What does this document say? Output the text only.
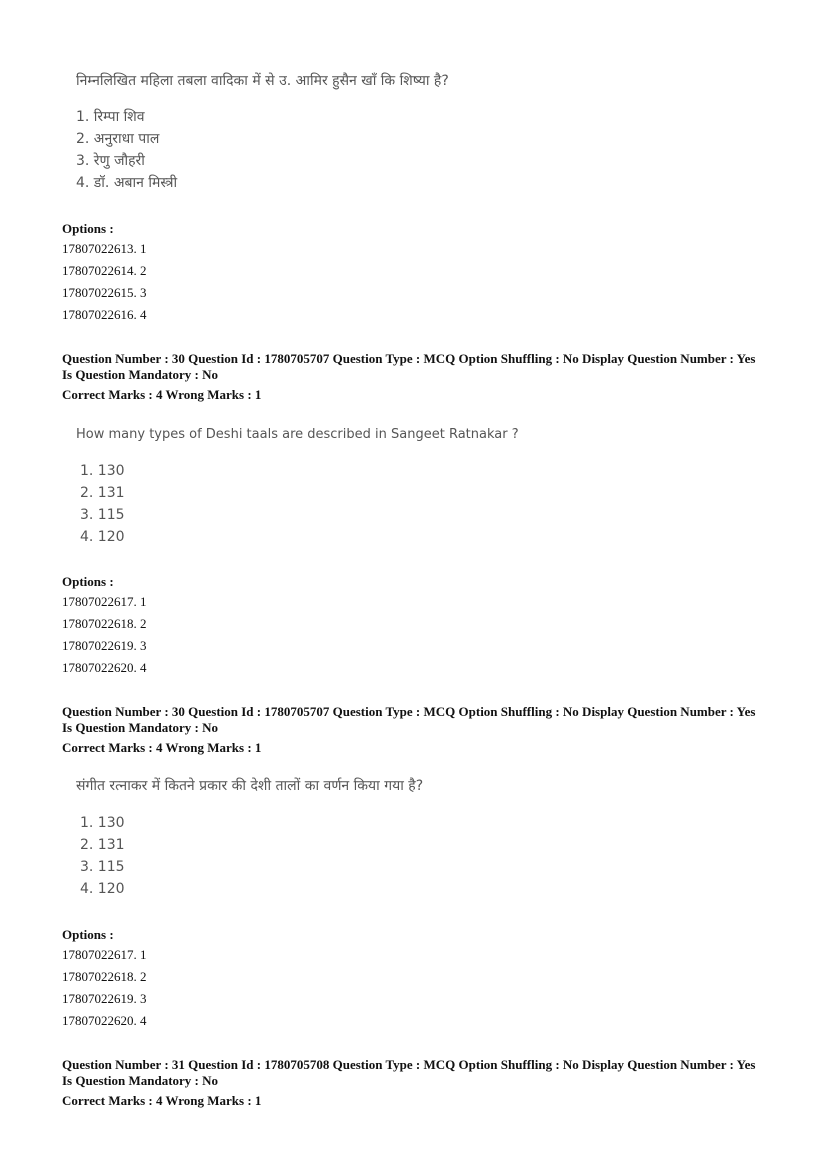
निम्नलिखित महिला तबला वादिका में से उ. आमिर हुसैन खाँ कि शिष्या है?
1. रिम्पा शिव
2. अनुराधा पाल
3. रेणु जौहरी
4. डॉ. अबान मिस्त्री
Options :
17807022613. 1
17807022614. 2
17807022615. 3
17807022616. 4
Question Number : 30 Question Id : 1780705707 Question Type : MCQ Option Shuffling : No Display Question Number : Yes Is Question Mandatory : No
Correct Marks : 4 Wrong Marks : 1
How many types of Deshi taals are described in Sangeet Ratnakar ?
1. 130
2. 131
3. 115
4. 120
Options :
17807022617. 1
17807022618. 2
17807022619. 3
17807022620. 4
Question Number : 30 Question Id : 1780705707 Question Type : MCQ Option Shuffling : No Display Question Number : Yes Is Question Mandatory : No
Correct Marks : 4 Wrong Marks : 1
संगीत रत्नाकर में कितने प्रकार की देशी तालों का वर्णन किया गया है?
1. 130
2. 131
3. 115
4. 120
Options :
17807022617. 1
17807022618. 2
17807022619. 3
17807022620. 4
Question Number : 31 Question Id : 1780705708 Question Type : MCQ Option Shuffling : No Display Question Number : Yes Is Question Mandatory : No
Correct Marks : 4 Wrong Marks : 1
